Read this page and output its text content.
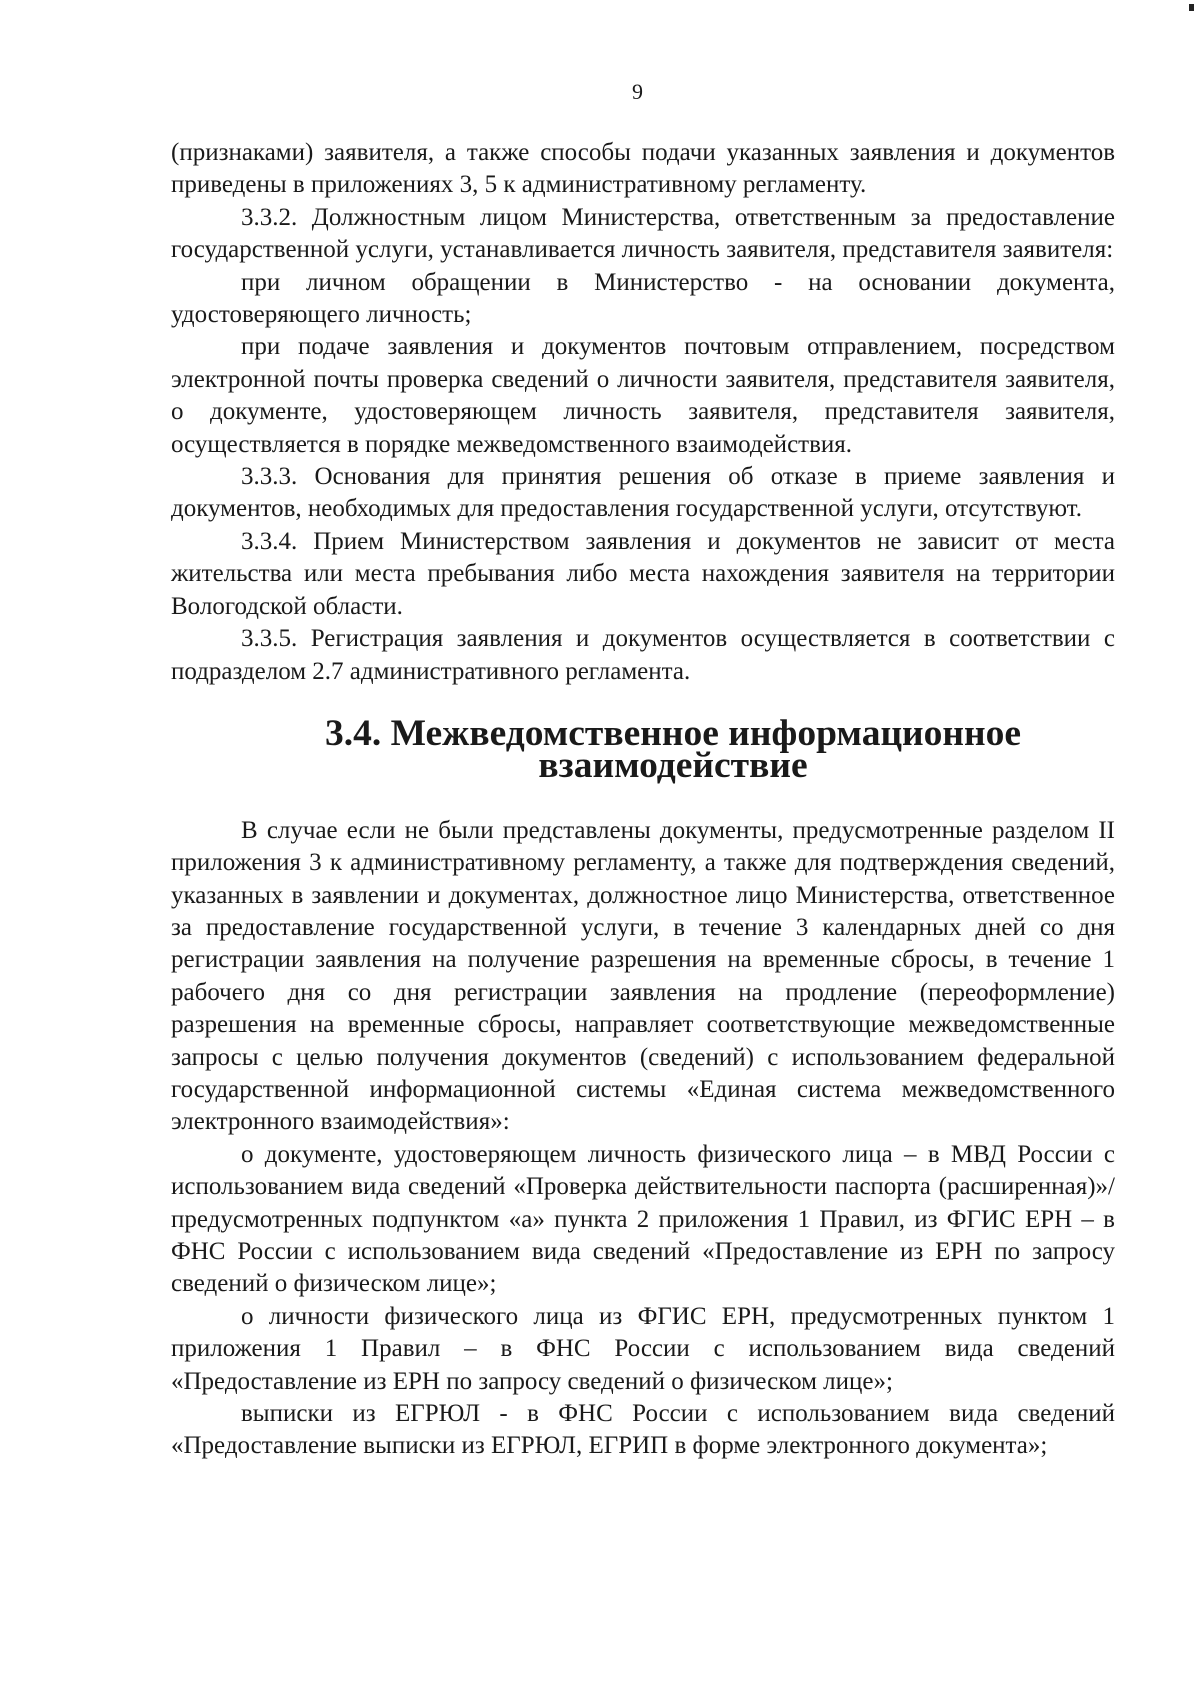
9

(признаками) заявителя, а также способы подачи указанных заявления и документов приведены в приложениях 3, 5 к административному регламенту.

3.3.2. Должностным лицом Министерства, ответственным за предоставление государственной услуги, устанавливается личность заявителя, представителя заявителя:

при личном обращении в Министерство - на основании документа, удостоверяющего личность;

при подаче заявления и документов почтовым отправлением, посредством электронной почты проверка сведений о личности заявителя, представителя заявителя, о документе, удостоверяющем личность заявителя, представителя заявителя, осуществляется в порядке межведомственного взаимодействия.

3.3.3. Основания для принятия решения об отказе в приеме заявления и документов, необходимых для предоставления государственной услуги, отсутствуют.

3.3.4. Прием Министерством заявления и документов не зависит от места жительства или места пребывания либо места нахождения заявителя на территории Вологодской области.

3.3.5. Регистрация заявления и документов осуществляется в соответствии с подразделом 2.7 административного регламента.

3.4. Межведомственное информационное взаимодействие

В случае если не были представлены документы, предусмотренные разделом II приложения 3 к административному регламенту, а также для подтверждения сведений, указанных в заявлении и документах, должностное лицо Министерства, ответственное за предоставление государственной услуги, в течение 3 календарных дней со дня регистрации заявления на получение разрешения на временные сбросы, в течение 1 рабочего дня со дня регистрации заявления на продление (переоформление) разрешения на временные сбросы, направляет соответствующие межведомственные запросы с целью получения документов (сведений) с использованием федеральной государственной информационной системы «Единая система межведомственного электронного взаимодействия»:

о документе, удостоверяющем личность физического лица – в МВД России с использованием вида сведений «Проверка действительности паспорта (расширенная)»/предусмотренных подпунктом «а» пункта 2 приложения 1 Правил, из ФГИС ЕРН – в ФНС России с использованием вида сведений «Предоставление из ЕРН по запросу сведений о физическом лице»;

о личности физического лица из ФГИС ЕРН, предусмотренных пунктом 1 приложения 1 Правил – в ФНС России с использованием вида сведений «Предоставление из ЕРН по запросу сведений о физическом лице»;

выписки из ЕГРЮЛ - в ФНС России с использованием вида сведений «Предоставление выписки из ЕГРЮЛ, ЕГРИП в форме электронного документа»;
